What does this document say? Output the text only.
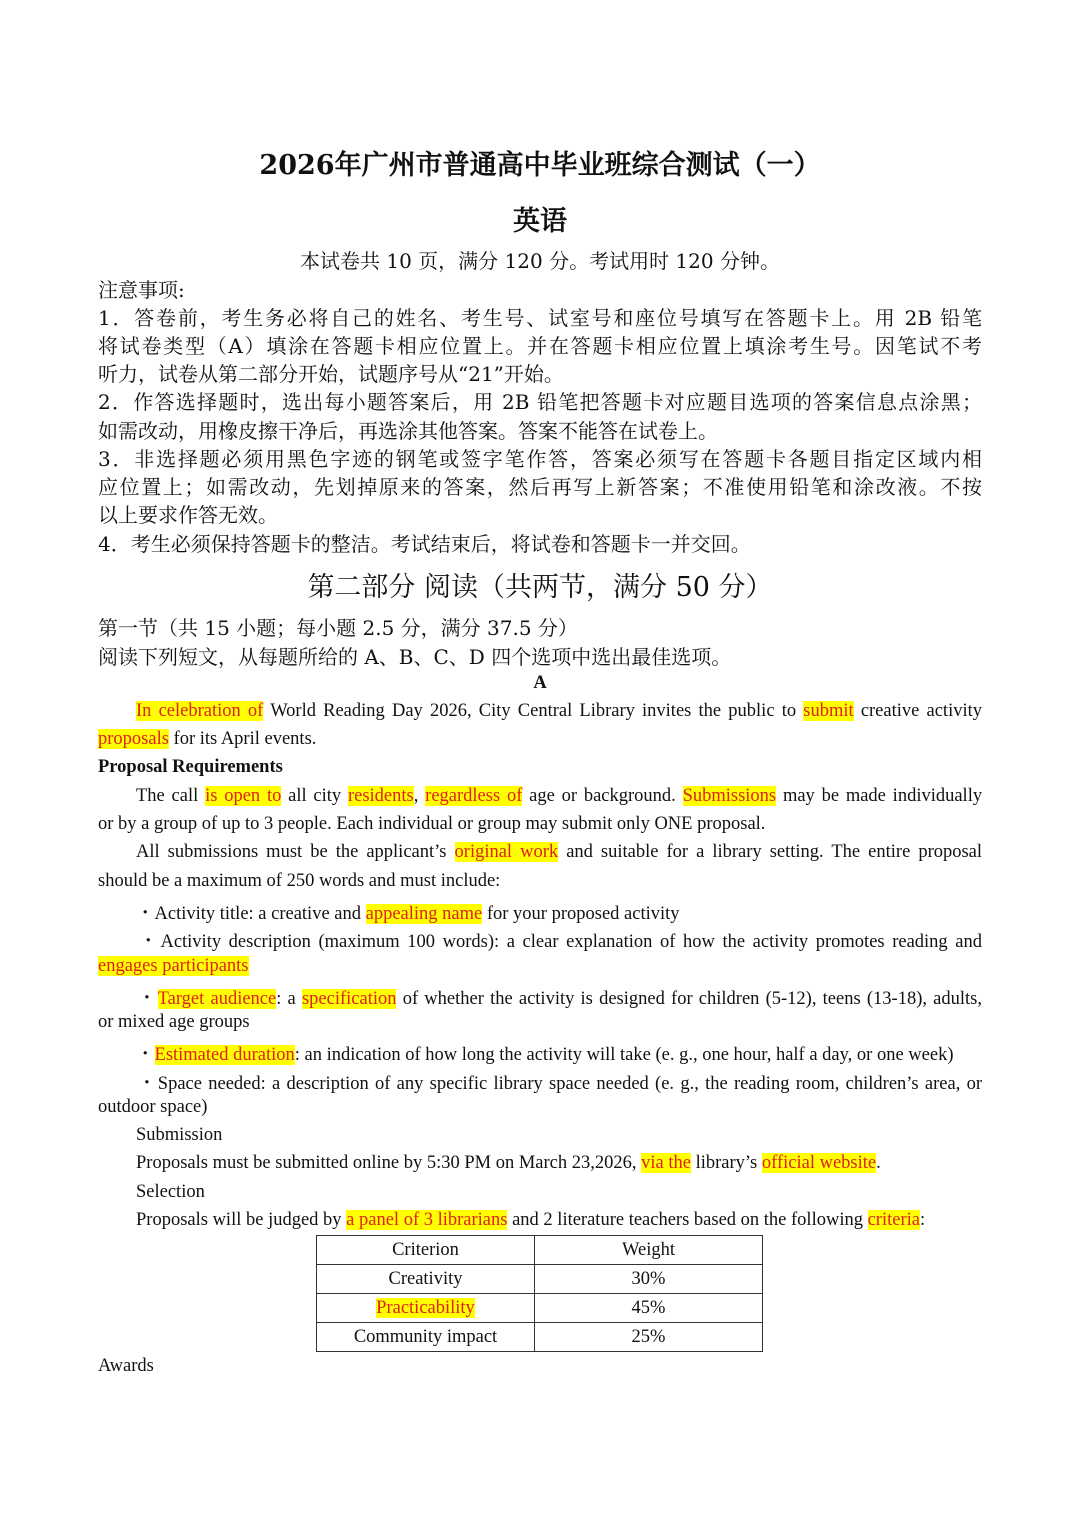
2026年广州市普通高中毕业班综合测试（一）
英语
本试卷共 10 页，满分 120 分。考试用时 120 分钟。
注意事项:
1．答卷前，考生务必将自己的姓名、考生号、试室号和座位号填写在答题卡上。用 2B 铅笔
将试卷类型（A）填涂在答题卡相应位置上。并在答题卡相应位置上填涂考生号。因笔试不考
听力，试卷从第二部分开始，试题序号从“21”开始。
2．作答选择题时，选出每小题答案后，用 2B 铅笔把答题卡对应题目选项的答案信息点涂黑；
如需改动，用橡皮擦干净后，再选涂其他答案。答案不能答在试卷上。
3．非选择题必须用黑色字迹的钢笔或签字笔作答，答案必须写在答题卡各题目指定区域内相
应位置上；如需改动，先划掉原来的答案，然后再写上新答案；不准使用铅笔和涂改液。不按
以上要求作答无效。
4．考生必须保持答题卡的整洁。考试结束后，将试卷和答题卡一并交回。
第二部分 阅读（共两节，满分 50 分）
第一节（共 15 小题；每小题 2.5 分，满分 37.5 分）
阅读下列短文，从每题所给的 A、B、C、D 四个选项中选出最佳选项。
A
In celebration of World Reading Day 2026, City Central Library invites the public to submit creative activity
proposals for its April events.
Proposal Requirements
The call is open to all city residents, regardless of age or background. Submissions may be made individually
or by a group of up to 3 people. Each individual or group may submit only ONE proposal.
All submissions must be the applicant’s original work and suitable for a library setting. The entire proposal
should be a maximum of 250 words and must include:
・Activity title: a creative and appealing name for your proposed activity
・Activity description (maximum 100 words): a clear explanation of how the activity promotes reading and
engages participants
・Target audience: a specification of whether the activity is designed for children (5-12), teens (13-18), adults,
or mixed age groups
・Estimated duration: an indication of how long the activity will take (e. g., one hour, half a day, or one week)
・Space needed: a description of any specific library space needed (e. g., the reading room, children’s area, or
outdoor space)
Submission
Proposals must be submitted online by 5:30 PM on March 23,2026, via the library’s official website.
Selection
Proposals will be judged by a panel of 3 librarians and 2 literature teachers based on the following criteria:
Criterion	Weight
Creativity	30%
Practicability	45%
Community impact	25%
Awards
